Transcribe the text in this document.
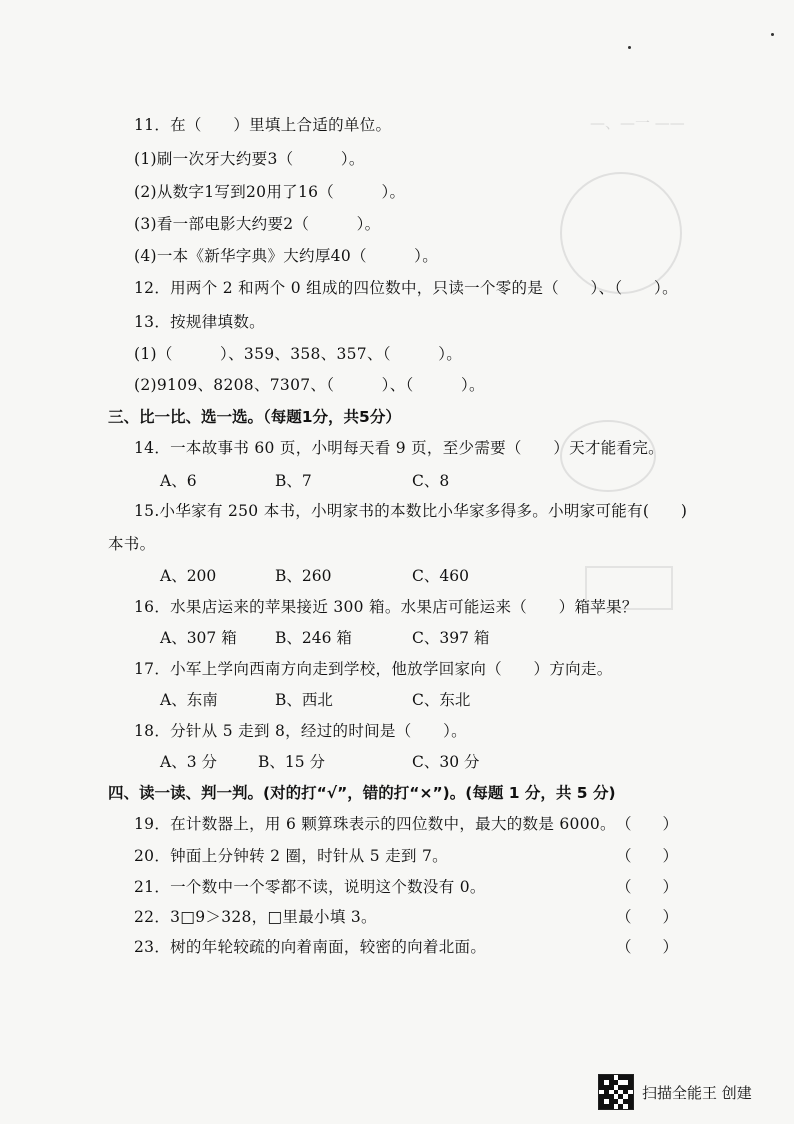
—、—一 ——
11．在（　　）里填上合适的单位。
(1)刷一次牙大约要3（　　　）。
(2)从数字1写到20用了16（　　　）。
(3)看一部电影大约要2（　　　）。
(4)一本《新华字典》大约厚40（　　　）。
12．用两个 2 和两个 0 组成的四位数中，只读一个零的是（　　）、（　　）。
13．按规律填数。
(1)（　　　）、359、358、357、（　　　）。
(2)9109、8208、7307、（　　　）、（　　　）。
三、比一比、选一选。（每题1分，共5分）
14．一本故事书 60 页，小明每天看 9 页，至少需要（　　）天才能看完。
A、6	B、7	C、8
15.小华家有 250 本书，小明家书的本数比小华家多得多。小明家可能有(　　)
本书。
A、200	B、260	C、460
16．水果店运来的苹果接近 300 箱。水果店可能运来（　　）箱苹果？
A、307 箱 B、246 箱	C、397 箱
17．小军上学向西南方向走到学校，他放学回家向（　　）方向走。
A、东南	B、西北	C、东北
18．分针从 5 走到 8，经过的时间是（　　）。
A、3 分	B、15 分	C、30 分
四、读一读、判一判。(对的打“√”，错的打“×”)。(每题 1 分，共 5 分)
19．在计数器上，用 6 颗算珠表示的四位数中，最大的数是 6000。 （　　）
20．钟面上分钟转 2 圈，时针从 5 走到 7。	（　　）
21．一个数中一个零都不读，说明这个数没有 0。	（　　）
22．3□9＞328，□里最小填 3。	（　　）
23．树的年轮较疏的向着南面，较密的向着北面。	（　　）
扫描全能王 创建
